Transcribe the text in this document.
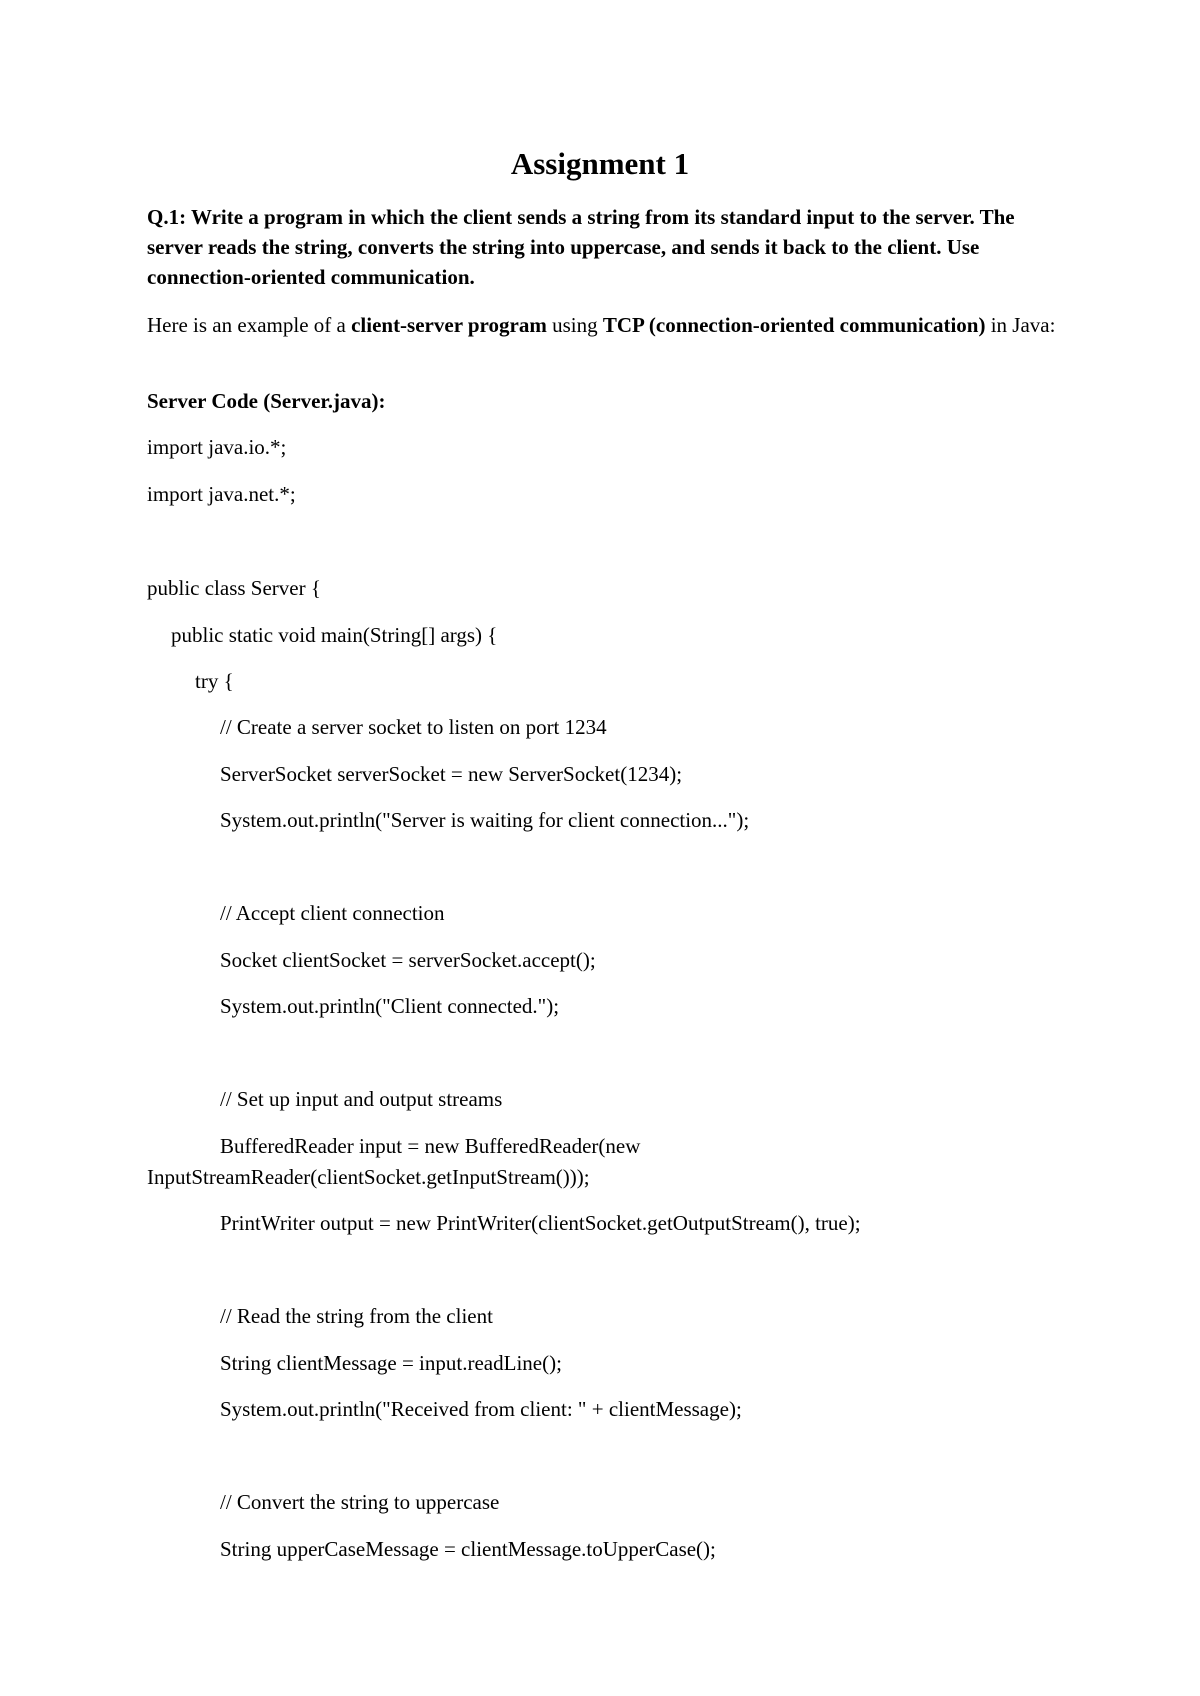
Assignment 1

Q.1: Write a program in which the client sends a string from its standard input to the server. The server reads the string, converts the string into uppercase, and sends it back to the client. Use connection-oriented communication.

Here is an example of a client-server program using TCP (connection-oriented communication) in Java:

Server Code (Server.java):

import java.io.*;

import java.net.*;

public class Server {

public static void main(String[] args) {

try {

// Create a server socket to listen on port 1234

ServerSocket serverSocket = new ServerSocket(1234);

System.out.println("Server is waiting for client connection...");

// Accept client connection

Socket clientSocket = serverSocket.accept();

System.out.println("Client connected.");

// Set up input and output streams

BufferedReader input = new BufferedReader(new InputStreamReader(clientSocket.getInputStream()));

PrintWriter output = new PrintWriter(clientSocket.getOutputStream(), true);

// Read the string from the client

String clientMessage = input.readLine();

System.out.println("Received from client: " + clientMessage);

// Convert the string to uppercase

String upperCaseMessage = clientMessage.toUpperCase();
